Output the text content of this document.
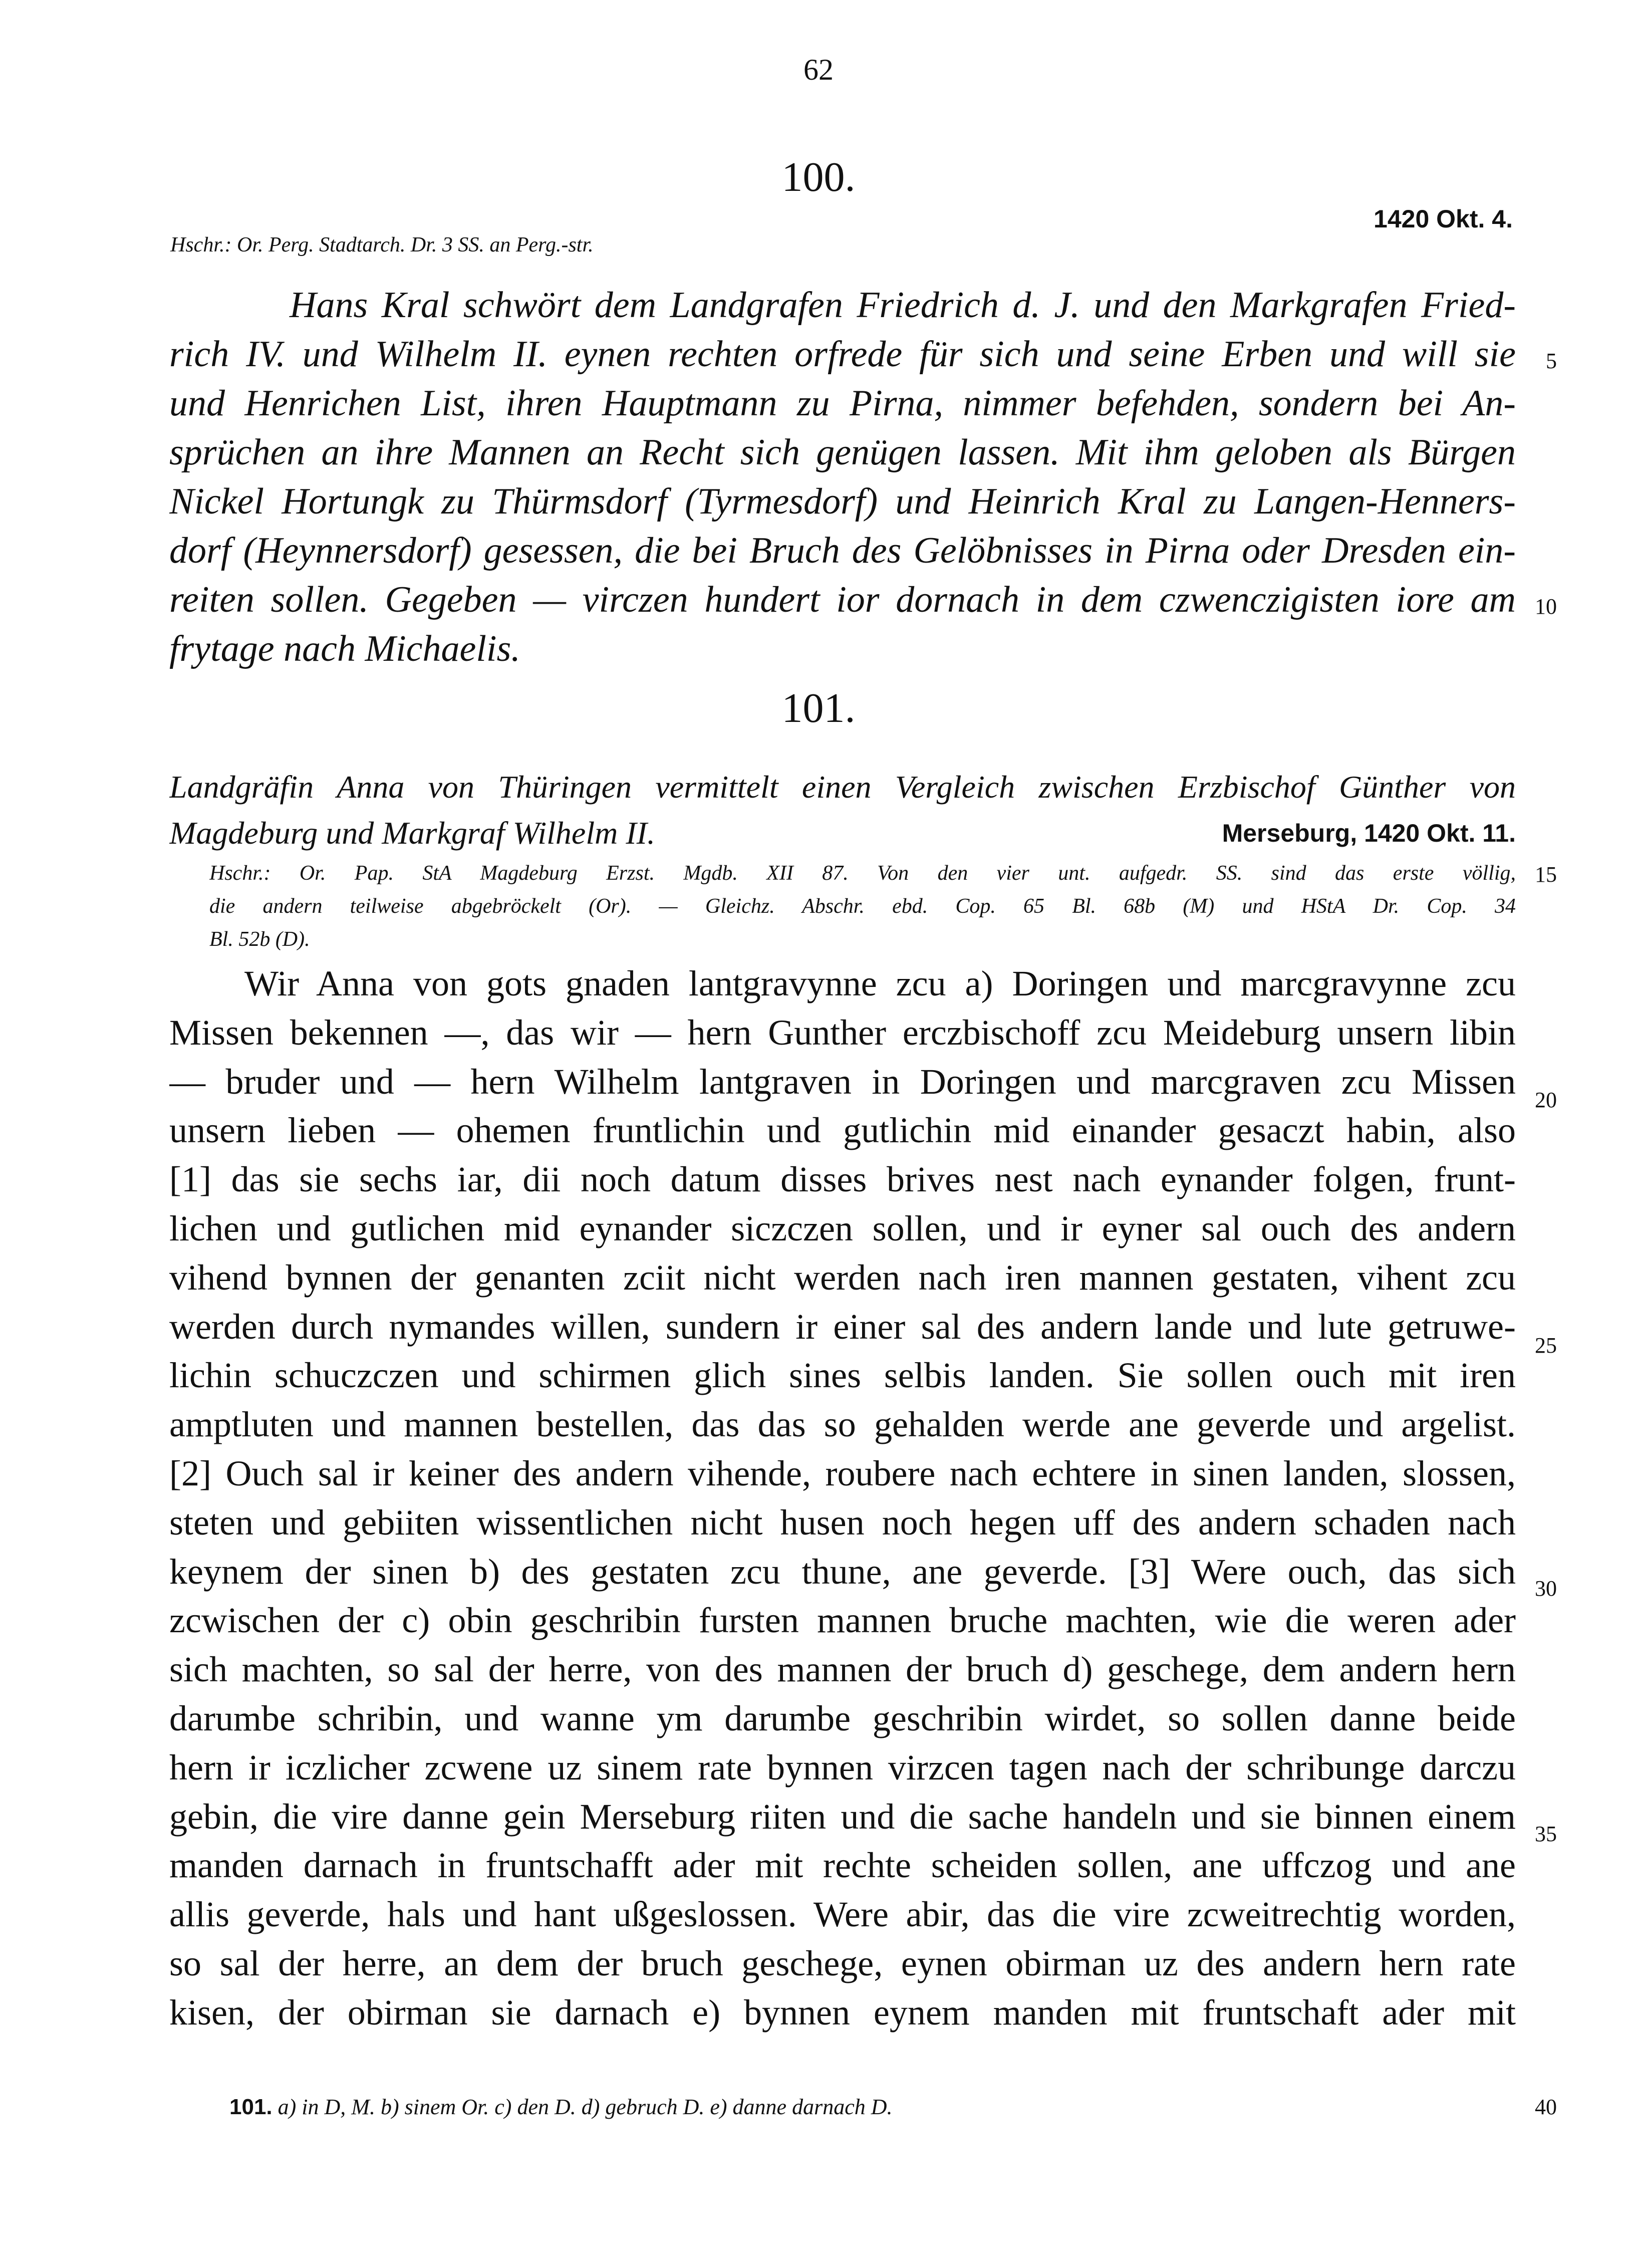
62
100.
1420 Okt. 4.
Hschr.: Or. Perg. Stadtarch. Dr. 3 SS. an Perg.-str.
Hans Kral schwört dem Landgrafen Friedrich d. J. und den Markgrafen Fried-
rich IV. und Wilhelm II. eynen rechten orfrede für sich und seine Erben und will sie
und Henrichen List, ihren Hauptmann zu Pirna, nimmer befehden, sondern bei An-
sprüchen an ihre Mannen an Recht sich genügen lassen. Mit ihm geloben als Bürgen
Nickel Hortungk zu Thürmsdorf (Tyrmesdorf) und Heinrich Kral zu Langen-Henners-
dorf (Heynnersdorf) gesessen, die bei Bruch des Gelöbnisses in Pirna oder Dresden ein-
reiten sollen. Gegeben — virczen hundert ior dornach in dem czwenczigisten iore am
frytage nach Michaelis.
101.
Landgräfin Anna von Thüringen vermittelt einen Vergleich zwischen Erzbischof Günther von
Magdeburg und Markgraf Wilhelm II.	Merseburg, 1420 Okt. 11.
Hschr.: Or. Pap. StA Magdeburg Erzst. Mgdb. XII 87. Von den vier unt. aufgedr. SS. sind das erste völlig,
die andern teilweise abgebröckelt (Or). — Gleichz. Abschr. ebd. Cop. 65 Bl. 68b (M) und HStA Dr. Cop. 34
Bl. 52b (D).
Wir Anna von gots gnaden lantgravynne zcu a) Doringen und marcgravynne zcu
Missen bekennen —, das wir — hern Gunther erczbischoff zcu Meideburg unsern libin
— bruder und — hern Wilhelm lantgraven in Doringen und marcgraven zcu Missen
unsern lieben — ohemen fruntlichin und gutlichin mid einander gesaczt habin, also
[1] das sie sechs iar, dii noch datum disses brives nest nach eynander folgen, frunt-
lichen und gutlichen mid eynander siczczen sollen, und ir eyner sal ouch des andern
vihend bynnen der genanten zciit nicht werden nach iren mannen gestaten, vihent zcu
werden durch nymandes willen, sundern ir einer sal des andern lande und lute getruwe-
lichin schuczczen und schirmen glich sines selbis landen. Sie sollen ouch mit iren
amptluten und mannen bestellen, das das so gehalden werde ane geverde und argelist.
[2] Ouch sal ir keiner des andern vihende, roubere nach echtere in sinen landen, slossen,
steten und gebiiten wissentlichen nicht husen noch hegen uff des andern schaden nach
keynem der sinen b) des gestaten zcu thune, ane geverde. [3] Were ouch, das sich
zcwischen der c) obin geschribin fursten mannen bruche machten, wie die weren ader
sich machten, so sal der herre, von des mannen der bruch d) geschege, dem andern hern
darumbe schribin, und wanne ym darumbe geschribin wirdet, so sollen danne beide
hern ir iczlicher zcwene uz sinem rate bynnen virzcen tagen nach der schribunge darczu
gebin, die vire danne gein Merseburg riiten und die sache handeln und sie binnen einem
manden darnach in fruntschafft ader mit rechte scheiden sollen, ane uffczog und ane
allis geverde, hals und hant ußgeslossen. Were abir, das die vire zcweitrechtig worden,
so sal der herre, an dem der bruch geschege, eynen obirman uz des andern hern rate
kisen, der obirman sie darnach e) bynnen eynem manden mit fruntschaft ader mit
5
10
15
20
25
30
35
40
101. a) in D, M. b) sinem Or. c) den D. d) gebruch D. e) danne darnach D.
